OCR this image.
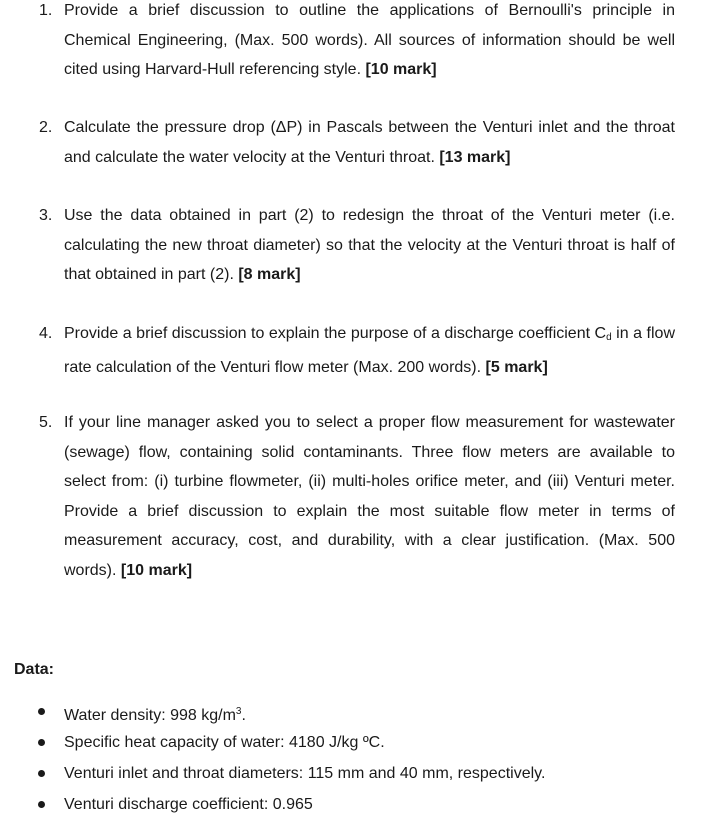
1. Provide a brief discussion to outline the applications of Bernoulli's principle in Chemical Engineering, (Max. 500 words). All sources of information should be well cited using Harvard-Hull referencing style. [10 mark]
2. Calculate the pressure drop (ΔP) in Pascals between the Venturi inlet and the throat and calculate the water velocity at the Venturi throat. [13 mark]
3. Use the data obtained in part (2) to redesign the throat of the Venturi meter (i.e. calculating the new throat diameter) so that the velocity at the Venturi throat is half of that obtained in part (2). [8 mark]
4. Provide a brief discussion to explain the purpose of a discharge coefficient $C_d$ in a flow rate calculation of the Venturi flow meter (Max. 200 words). [5 mark]
5. If your line manager asked you to select a proper flow measurement for wastewater (sewage) flow, containing solid contaminants. Three flow meters are available to select from: (i) turbine flowmeter, (ii) multi-holes orifice meter, and (iii) Venturi meter. Provide a brief discussion to explain the most suitable flow meter in terms of measurement accuracy, cost, and durability, with a clear justification. (Max. 500 words). [10 mark]
Data:
Water density: 998 $kg/m^3$.
Specific heat capacity of water: 4180 J/kg ºC.
Venturi inlet and throat diameters: 115 mm and 40 mm, respectively.
Venturi discharge coefficient: 0.965
